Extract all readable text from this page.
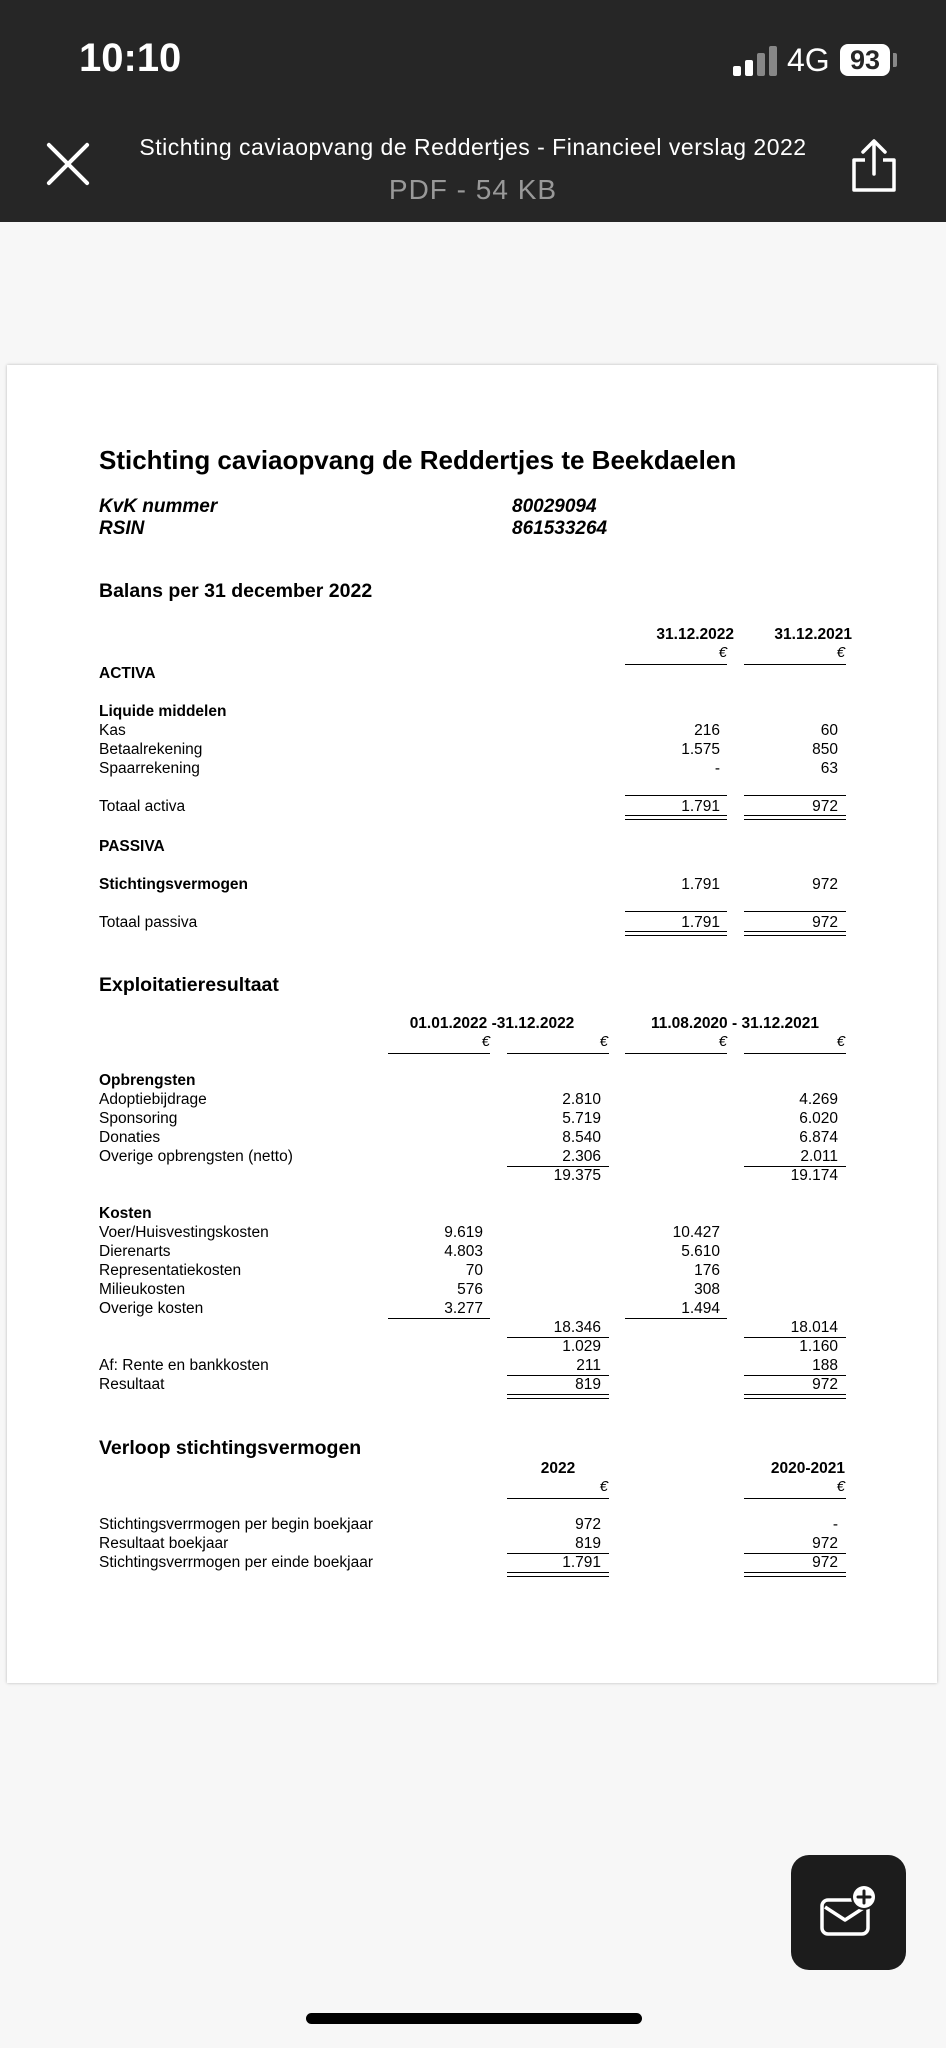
10:10	4G 93
Stichting caviaopvang de Reddertjes - Financieel verslag 2022
PDF - 54 KB
Stichting caviaopvang de Reddertjes te Beekdaelen
KvK nummer	80029094
RSIN	861533264
Balans per 31 december 2022
31.12.2022	31.12.2021
€	€
ACTIVA
Liquide middelen
Kas	216	60
Betaalrekening	1.575	850
Spaarrekening	-	63
Totaal activa	1.791	972
PASSIVA
Stichtingsvermogen	1.791	972
Totaal passiva	1.791	972
Exploitatieresultaat
01.01.2022 -31.12.2022	11.08.2020 - 31.12.2021
€	€	€	€
Opbrengsten
Adoptiebijdrage	2.810	4.269
Sponsoring	5.719	6.020
Donaties	8.540	6.874
Overige opbrengsten (netto)	2.306	2.011
19.375	19.174
Kosten
Voer/Huisvestingskosten	9.619	10.427
Dierenarts	4.803	5.610
Representatiekosten	70	176
Milieukosten	576	308
Overige kosten	3.277	1.494
18.346	18.014
1.029	1.160
Af: Rente en bankkosten	211	188
Resultaat	819	972
Verloop stichtingsvermogen
2022	2020-2021
€	€
Stichtingsverrmogen per begin boekjaar	972	-
Resultaat boekjaar	819	972
Stichtingsverrmogen per einde boekjaar	1.791	972
